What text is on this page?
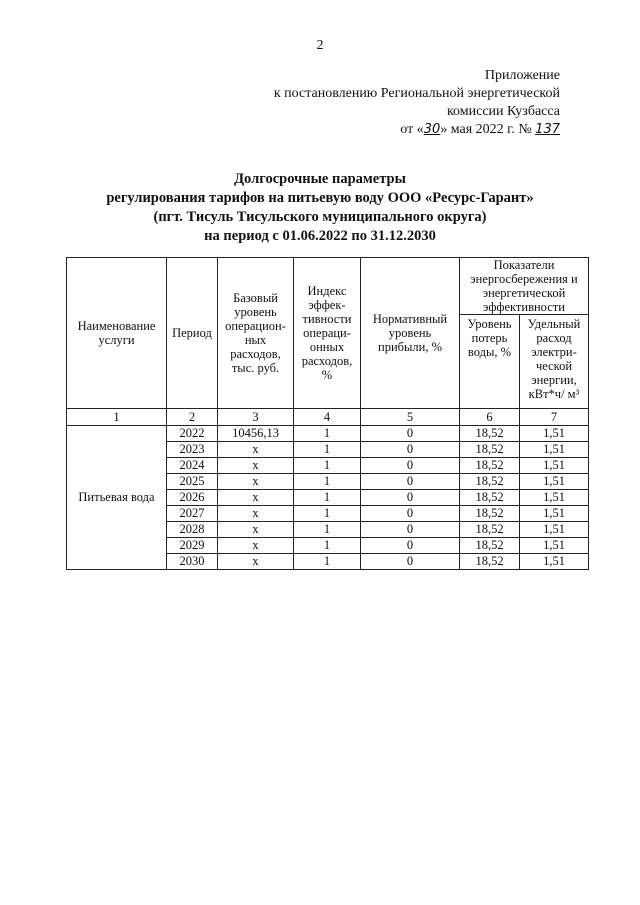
2
Приложение
к постановлению Региональной энергетической
комиссии Кузбасса
от «30» мая 2022 г. № 137
Долгосрочные параметры
регулирования тарифов на питьевую воду ООО «Ресурс-Гарант»
(пгт. Тисуль Тисульского муниципального округа)
на период с 01.06.2022 по 31.12.2030
Наименование услуги	Период	Базовый уровень операцион-ных расходов, тыс. руб.	Индекс эффек-тивности операци-онных расходов, %	Нормативный уровень прибыли, %	Показатели энергосбережения и энергетической эффективности	
					Уровень потерь воды, %	Удельный расход электри-ческой энергии, кВт*ч/ м³
1	2	3	4	5	6	7
Питьевая вода	2022	10456,13	1	0	18,52	1,51
	2023	x	1	0	18,52	1,51
	2024	x	1	0	18,52	1,51
	2025	x	1	0	18,52	1,51
	2026	x	1	0	18,52	1,51
	2027	x	1	0	18,52	1,51
	2028	x	1	0	18,52	1,51
	2029	x	1	0	18,52	1,51
	2030	x	1	0	18,52	1,51
